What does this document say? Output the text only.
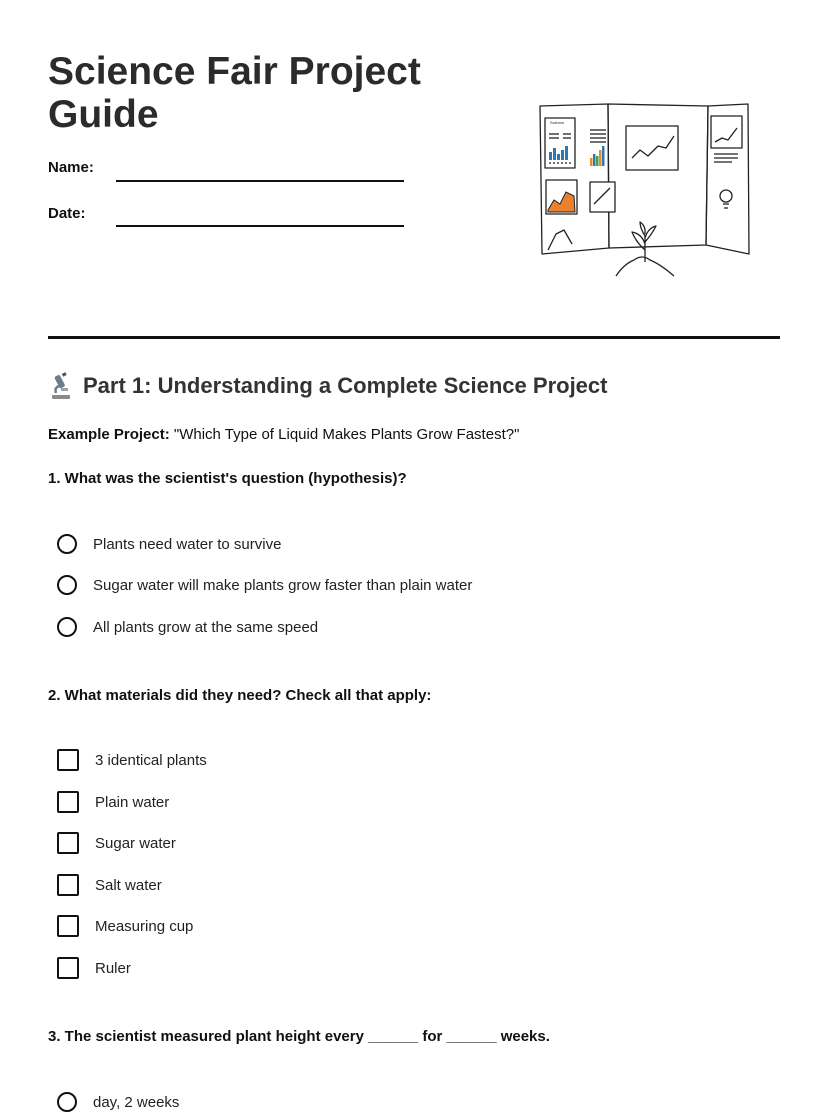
Science Fair Project
Guide
Name:
Date:
Science
Part 1: Understanding a Complete Science Project
Example Project: "Which Type of Liquid Makes Plants Grow Fastest?"
1. What was the scientist's question (hypothesis)?
Plants need water to survive
Sugar water will make plants grow faster than plain water
All plants grow at the same speed
2. What materials did they need? Check all that apply:
3 identical plants
Plain water
Sugar water
Salt water
Measuring cup
Ruler
3. The scientist measured plant height every ______ for ______ weeks.
day, 2 weeks
